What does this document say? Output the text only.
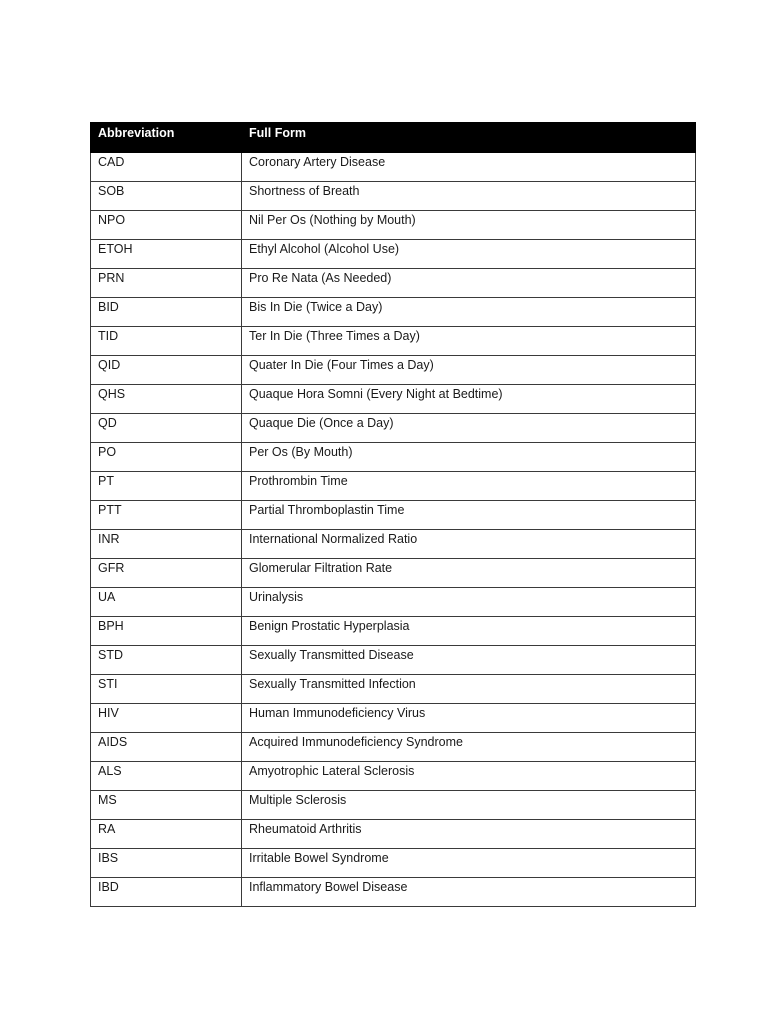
Abbreviation	Full Form
CAD	Coronary Artery Disease
SOB	Shortness of Breath
NPO	Nil Per Os (Nothing by Mouth)
ETOH	Ethyl Alcohol (Alcohol Use)
PRN	Pro Re Nata (As Needed)
BID	Bis In Die (Twice a Day)
TID	Ter In Die (Three Times a Day)
QID	Quater In Die (Four Times a Day)
QHS	Quaque Hora Somni (Every Night at Bedtime)
QD	Quaque Die (Once a Day)
PO	Per Os (By Mouth)
PT	Prothrombin Time
PTT	Partial Thromboplastin Time
INR	International Normalized Ratio
GFR	Glomerular Filtration Rate
UA	Urinalysis
BPH	Benign Prostatic Hyperplasia
STD	Sexually Transmitted Disease
STI	Sexually Transmitted Infection
HIV	Human Immunodeficiency Virus
AIDS	Acquired Immunodeficiency Syndrome
ALS	Amyotrophic Lateral Sclerosis
MS	Multiple Sclerosis
RA	Rheumatoid Arthritis
IBS	Irritable Bowel Syndrome
IBD	Inflammatory Bowel Disease
